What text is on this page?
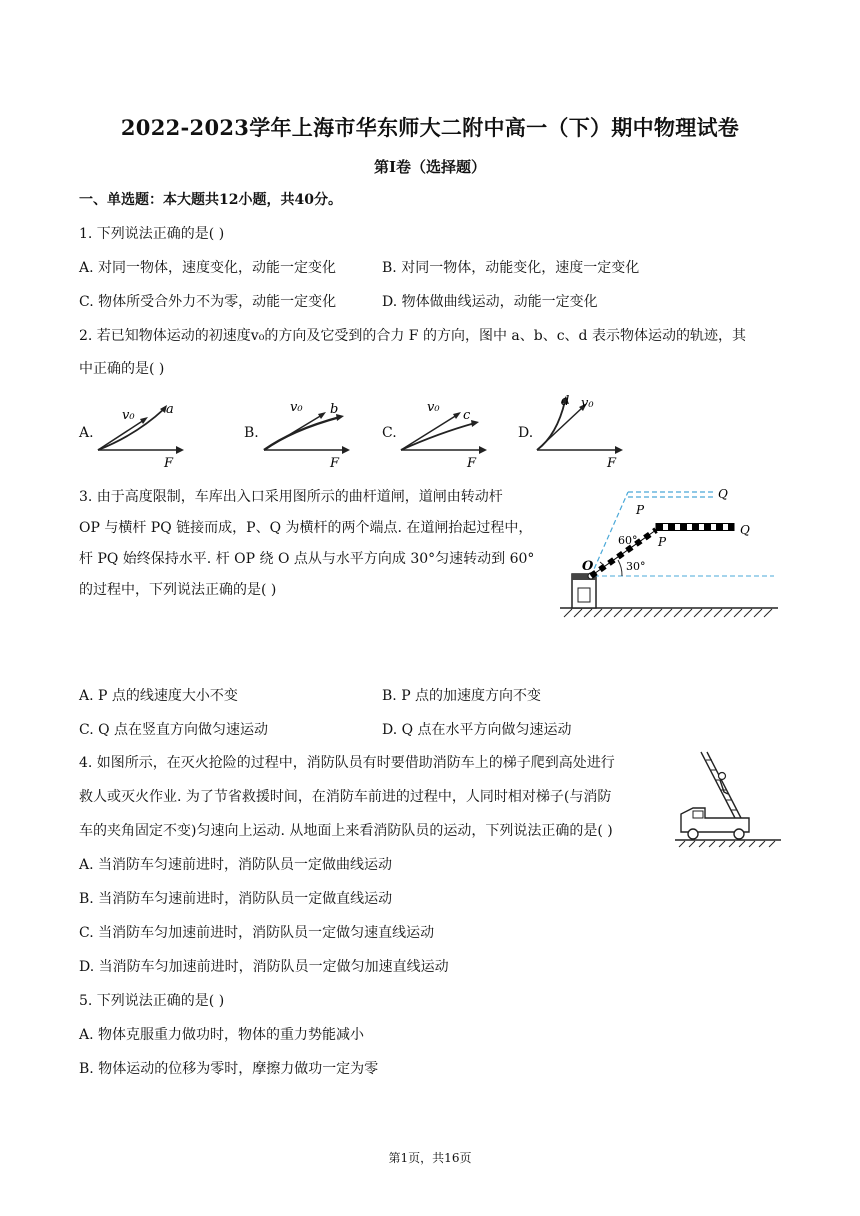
2022-2023学年上海市华东师大二附中高一（下）期中物理试卷
第I卷（选择题）
一、单选题：本大题共12小题，共40分。
1. 下列说法正确的是( )
A. 对同一物体，速度变化，动能一定变化	B. 对同一物体，动能变化，速度一定变化
C. 物体所受合外力不为零，动能一定变化	D. 物体做曲线运动，动能一定变化
2. 若已知物体运动的初速度v₀的方向及它受到的合力 F 的方向，图中 a、b、c、d 表示物体运动的轨迹，其
中正确的是( )
A.	B.	C.	D.
v₀ a
F
v₀ b
F
v₀
c
F
d v₀
F
3. 由于高度限制，车库出入口采用图所示的曲杆道闸，道闸由转动杆
OP 与横杆 PQ 链接而成，P、Q 为横杆的两个端点. 在道闸抬起过程中，
杆 PQ 始终保持水平. 杆 OP 绕 O 点从与水平方向成 30°匀速转动到 60°
的过程中，下列说法正确的是( )
O
P
Q
P
Q
60°
30°
A. P 点的线速度大小不变	B. P 点的加速度方向不变
C. Q 点在竖直方向做匀速运动	D. Q 点在水平方向做匀速运动
4. 如图所示，在灭火抢险的过程中，消防队员有时要借助消防车上的梯子爬到高处进行
救人或灭火作业. 为了节省救援时间，在消防车前进的过程中，人同时相对梯子(与消防
车的夹角固定不变)匀速向上运动. 从地面上来看消防队员的运动，下列说法正确的是( )
A. 当消防车匀速前进时，消防队员一定做曲线运动
B. 当消防车匀速前进时，消防队员一定做直线运动
C. 当消防车匀加速前进时，消防队员一定做匀速直线运动
D. 当消防车匀加速前进时，消防队员一定做匀加速直线运动
5. 下列说法正确的是( )
A. 物体克服重力做功时，物体的重力势能减小
B. 物体运动的位移为零时，摩擦力做功一定为零
第1页，共16页
